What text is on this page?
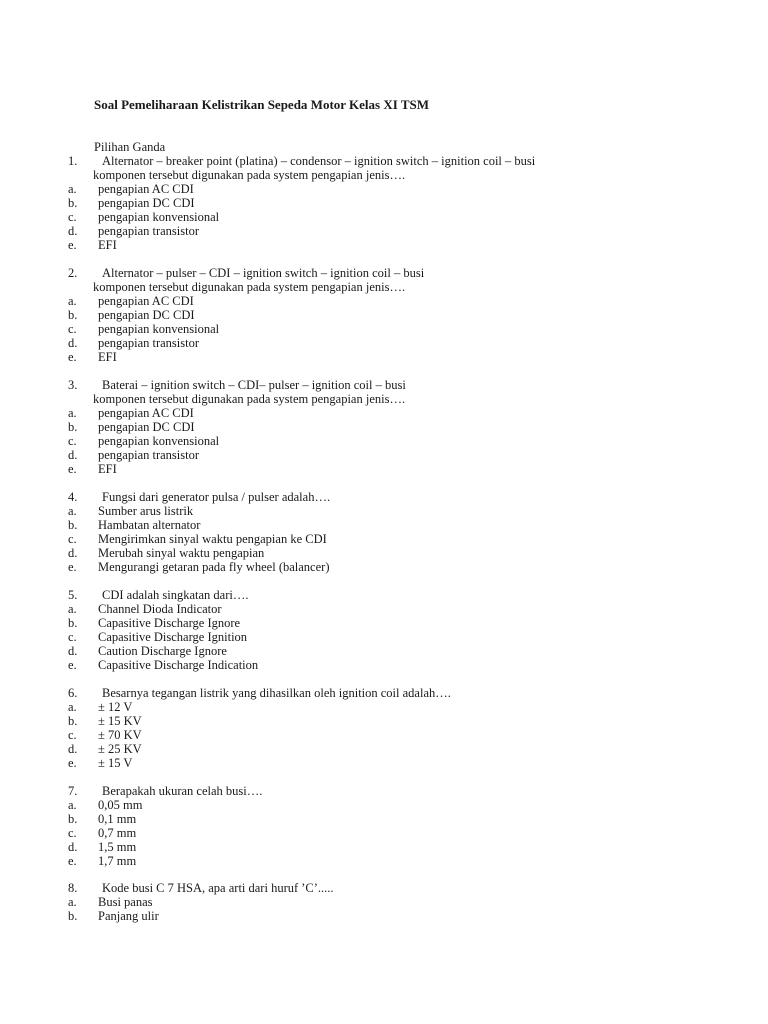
Soal Pemeliharaan Kelistrikan Sepeda Motor Kelas XI TSM
Pilihan Ganda
1. Alternator – breaker point (platina) – condensor – ignition switch – ignition coil – busi
komponen tersebut digunakan pada system pengapian jenis….
a. pengapian AC CDI
b. pengapian DC CDI
c. pengapian konvensional
d. pengapian transistor
e. EFI
2. Alternator – pulser – CDI – ignition switch – ignition coil – busi
komponen tersebut digunakan pada system pengapian jenis….
a. pengapian AC CDI
b. pengapian DC CDI
c. pengapian konvensional
d. pengapian transistor
e. EFI
3. Baterai – ignition switch – CDI– pulser – ignition coil – busi
komponen tersebut digunakan pada system pengapian jenis….
a. pengapian AC CDI
b. pengapian DC CDI
c. pengapian konvensional
d. pengapian transistor
e. EFI
4. Fungsi dari generator pulsa / pulser adalah….
a. Sumber arus listrik
b. Hambatan alternator
c. Mengirimkan sinyal waktu pengapian ke CDI
d. Merubah sinyal waktu pengapian
e. Mengurangi getaran pada fly wheel (balancer)
5. CDI adalah singkatan dari….
a. Channel Dioda Indicator
b. Capasitive Discharge Ignore
c. Capasitive Discharge Ignition
d. Caution Discharge Ignore
e. Capasitive Discharge Indication
6. Besarnya tegangan listrik yang dihasilkan oleh ignition coil adalah….
a. ± 12 V
b. ± 15 KV
c. ± 70 KV
d. ± 25 KV
e. ± 15 V
7. Berapakah ukuran celah busi….
a. 0,05 mm
b. 0,1 mm
c. 0,7 mm
d. 1,5 mm
e. 1,7 mm
8. Kode busi C 7 HSA, apa arti dari huruf ’C’.....
a. Busi panas
b. Panjang ulir
